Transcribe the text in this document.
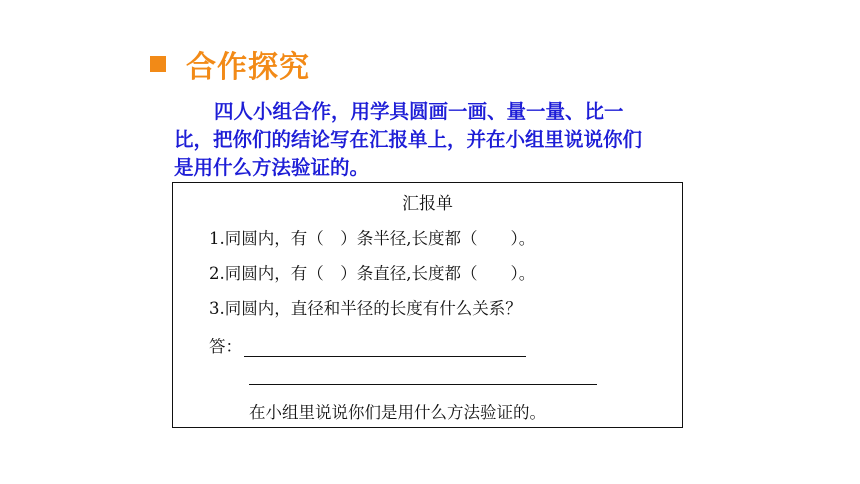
合作探究
四人小组合作，用学具圆画一画、量一量、比一比，把你们的结论写在汇报单上，并在小组里说说你们是用什么方法验证的。
汇报单
1.同圆内，有（　）条半径,长度都（　　）。
2.同圆内，有（　）条直径,长度都（　　）。
3.同圆内，直径和半径的长度有什么关系？
答：
在小组里说说你们是用什么方法验证的。
